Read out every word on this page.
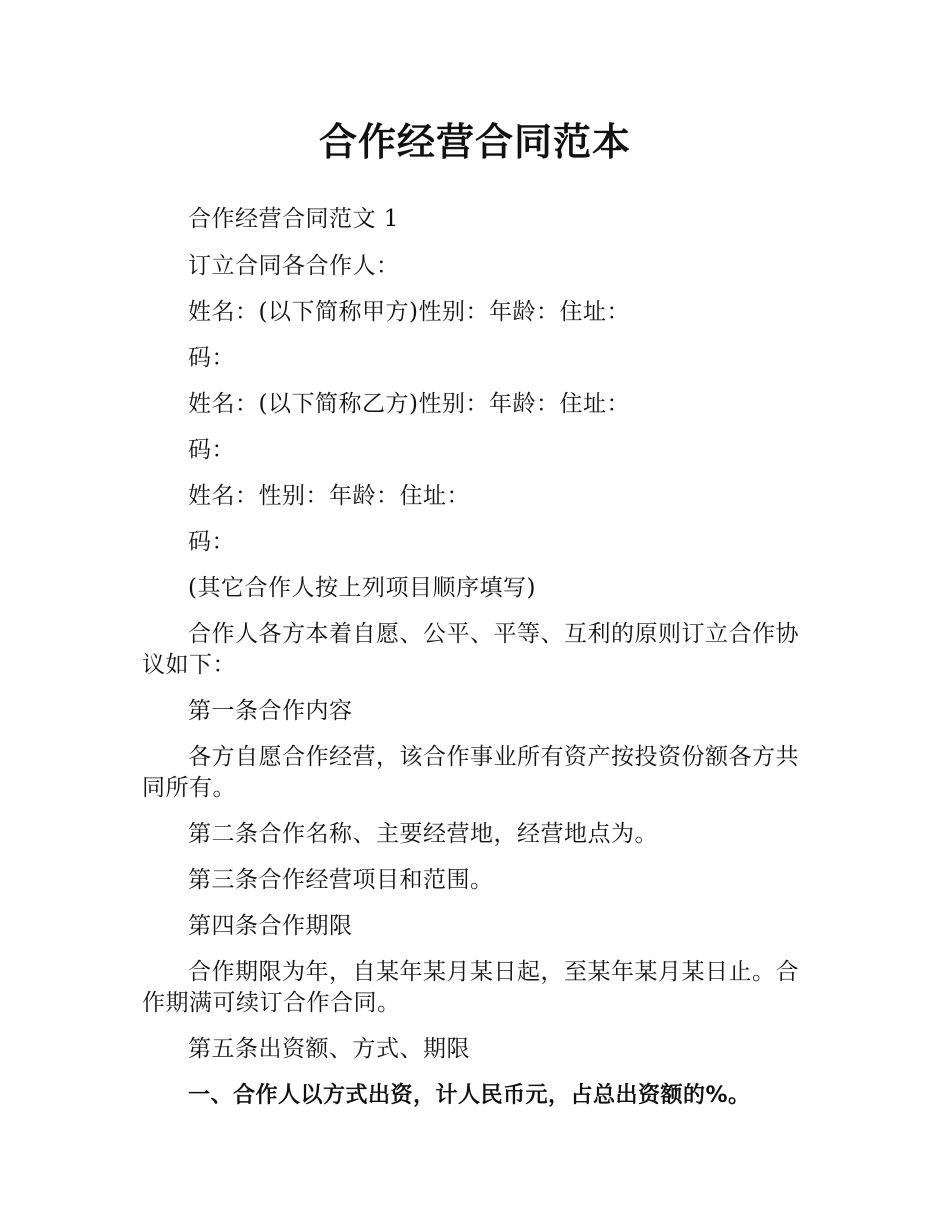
合作经营合同范本

合作经营合同范文 1

订立合同各合作人：

姓名：(以下简称甲方)性别：年龄：住址：

码：

姓名：(以下简称乙方)性别：年龄：住址：

码：

姓名：性别：年龄：住址：

码：

(其它合作人按上列项目顺序填写)

合作人各方本着自愿、公平、平等、互利的原则订立合作协议如下：

第一条合作内容

各方自愿合作经营，该合作事业所有资产按投资份额各方共同所有。

第二条合作名称、主要经营地，经营地点为。

第三条合作经营项目和范围。

第四条合作期限

合作期限为年，自某年某月某日起，至某年某月某日止。合作期满可续订合作合同。

第五条出资额、方式、期限

一、合作人以方式出资，计人民币元，占总出资额的%。
